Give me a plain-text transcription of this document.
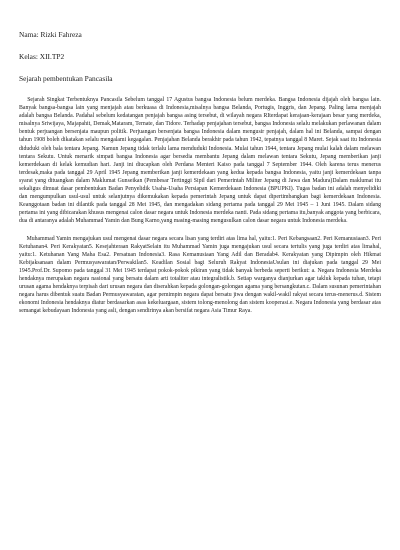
Nama: Rizki Fahreza
Kelas: XII.TP2
Sejarah pembentukan Pancasila

Sejarah Singkat Terbentuknya Pancasila Sebelum tanggal 17 Agustus bangsa Indonesia belum merdeka. Bangsa Indonesia dijajah oleh bangsa lain. Banyak bangsa-bangsa lain yang menjajah atau berkuasa di Indonesia,misalnya bangsa Belanda, Portugis, Inggris, dan Jepang. Paling lama menjajah adalah bangsa Belanda. Padahal sebelum kedatangan penjajah bangsa asing tersebut, di wilayah negara RIterdapat kerajaan-kerajaan besar yang merdeka, misalnya Sriwijaya, Majapahit, Demak,Mataram, Ternate, dan Tidore. Terhadap penjajahan tersebut, bangsa Indonesia selalu melakukan perlawanan dalam bentuk perjuangan bersenjata maupun politik. Perjuangan bersenjata bangsa Indonesia dalam mengusir penjajah, dalam hal ini Belanda, sampai dengan tahun 1908 boleh dikatakan selalu mengalami kegagalan. Penjajahan Belanda berakhir pada tahun 1942, tepatnya tanggal 8 Maret. Sejak saat itu Indonesia diduduki oleh bala tentara Jepang. Namun Jepang tidak terlalu lama menduduki Indonesia. Mulai tahun 1944, tentara Jepang mulai kalah dalam melawan tentara Sekutu. Untuk menarik simpati bangsa Indonesia agar bersedia membantu Jepang dalam melawan tentara Sekutu, Jepang memberikan janji kemerdekaan di kelak kemudian hari. Janji ini diucapkan oleh Perdana Menteri Kaiso pada tanggal 7 September 1944. Oleh karena terus menerus terdesak,maka pada tanggal 29 April 1945 Jepang memberikan janji kemerdekaan yang kedua kepada bangsa Indonesia, yaitu janji kemerdekaan tanpa syarat yang dituangkan dalam Maklumat Gunseikan (Pembesar Tertinggi Sipil dari Pemerintah Militer Jepang di Jawa dan Madura)Dalam maklumat itu sekaligus dimuat dasar pembentukan Badan Penyelidik Usaha-Usaha Persiapan Kemerdekaan Indonesia (BPUPKI). Tugas badan ini adalah menyelidiki dan mengumpulkan usul-usul untuk selanjutnya dikemukakan kepada pemerintah Jepang untuk dapat dipertimbangkan bagi kemerdekaan Indonesia. Keanggotaan badan ini dilantik pada tanggal 28 Mei 1945, dan mengadakan sidang pertama pada tanggal 29 Mei 1945 – 1 Juni 1945. Dalam sidang pertama ini yang dibicarakan khusus mengenai calon dasar negara untuk Indonesia merdeka nanti. Pada sidang pertama itu,banyak anggota yang berbicara, dua di antaranya adalah Muhammad Yamin dan Bung Karno,yang masing-masing mengusulkan calon dasar negara untuk Indonesia merdeka.

Muhammad Yamin mengajukan usul mengenai dasar negara secara lisan yang terdiri atas lima hal, yaitu:1. Peri Kebangsaan2. Peri Kemanusiaan3. Peri Ketuhanan4. Peri Kerakyatan5. Kesejahteraan RakyatSelain itu Muhammad Yamin juga mengajukan usul secara tertulis yang juga terdiri atas limahal, yaitu:1. Ketuhanan Yang Maha Esa2. Persatuan Indonesia3. Rasa Kemanusiaan Yang Adil dan Beradab4. Kerakyatan yang Dipimpin oleh Hikmat Kebijaksanaan dalam Permusyawaratan/Perwakilan5. Keadilan Sosial bagi Seluruh Rakyat IndonesiaUsulan ini diajukan pada tanggal 29 Mei 1945.Prof.Dr. Supomo pada tanggal 31 Mei 1945 terdapat pokok-pokok pikiran yang tidak banyak berbeda seperti berikut: a. Negara Indonesia Merdeka hendaknya merupakan negara nasional yang bersatu dalam arti totaliter atau integralistik.b. Setiap warganya dianjurkan agar takluk kepada tuhan, tetapi urusan agama hendaknya terpisah dari urusan negara dan diserahkan kepada golongan-golongan agama yang bersangkutan.c. Dalam susunan pemerintahan negara harus dibentuk suatu Badan Permusyawaratan, agar pemimpin negara dapat bersatu jiwa dengan wakil-wakil rakyat secara terus-menerus.d. Sistem ekonomi Indonesia hendaknya diatur berdasarkan asas kekeluargaan, sistem tolong-menolong dan sistem kooperasi.e. Negara Indonesia yang berdasar atas semangat kebudayaan Indonesia yang asli, dengan sendirinya akan bersifat negara Asia Timur Raya.
